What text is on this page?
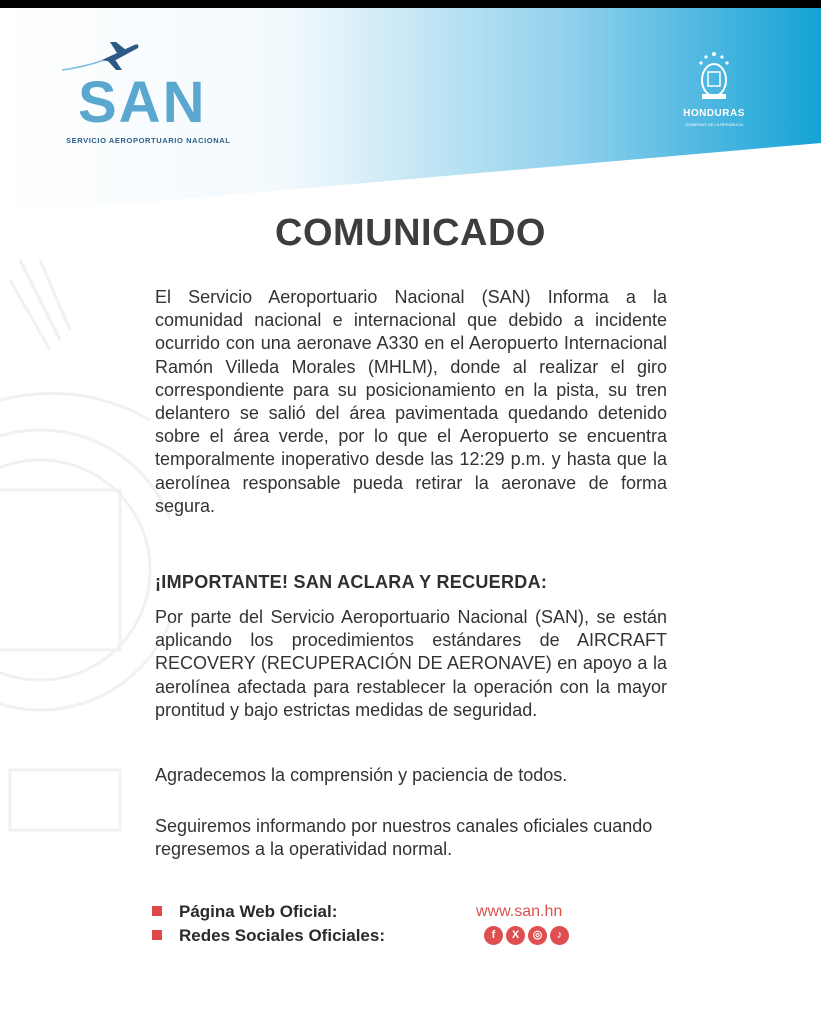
SAN
SERVICIO AEROPORTUARIO NACIONAL
HONDURAS
GOBIERNO DE LA REPÚBLICA
COMUNICADO
El Servicio Aeroportuario Nacional (SAN) Informa a la comunidad nacional e internacional que debido a incidente ocurrido con una aeronave A330 en el Aeropuerto Internacional Ramón Villeda Morales (MHLM), donde al realizar el giro correspondiente para su posicionamiento en la pista, su tren delantero se salió del área pavimentada quedando detenido sobre el área verde, por lo que el Aeropuerto se encuentra temporalmente inoperativo desde las 12:29 p.m. y hasta que la aerolínea responsable pueda retirar la aeronave de forma segura.
¡IMPORTANTE! SAN ACLARA Y RECUERDA:
Por parte del Servicio Aeroportuario Nacional (SAN), se están aplicando los procedimientos estándares de AIRCRAFT RECOVERY (RECUPERACIÓN DE AERONAVE) en apoyo a la aerolínea afectada para restablecer la operación con la mayor prontitud y bajo estrictas medidas de seguridad.
Agradecemos la comprensión y paciencia de todos.
Seguiremos informando por nuestros canales oficiales cuando regresemos a la operatividad normal.
Página Web Oficial:	www.san.hn
Redes Sociales Oficiales:	f X ◎ ♪
